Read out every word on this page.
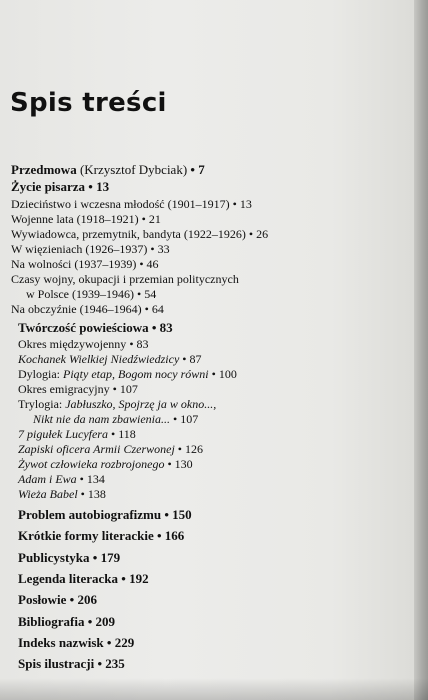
Spis treści
Przedmowa (Krzysztof Dybciak) • 7
Życie pisarza • 13
Dzieciństwo i wczesna młodość (1901–1917) • 13
Wojenne lata (1918–1921) • 21
Wywiadowca, przemytnik, bandyta (1922–1926) • 26
W więzieniach (1926–1937) • 33
Na wolności (1937–1939) • 46
Czasy wojny, okupacji i przemian politycznych
w Polsce (1939–1946) • 54
Na obczyźnie (1946–1964) • 64
Twórczość powieściowa • 83
Okres międzywojenny • 83
Kochanek Wielkiej Niedźwiedzicy • 87
Dylogia: Piąty etap, Bogom nocy równi • 100
Okres emigracyjny • 107
Trylogia: Jabłuszko, Spojrzę ja w okno...,
Nikt nie da nam zbawienia... • 107
7 pigułek Lucyfera • 118
Zapiski oficera Armii Czerwonej • 126
Żywot człowieka rozbrojonego • 130
Adam i Ewa • 134
Wieża Babel • 138
Problem autobiografizmu • 150
Krótkie formy literackie • 166
Publicystyka • 179
Legenda literacka • 192
Posłowie • 206
Bibliografia • 209
Indeks nazwisk • 229
Spis ilustracji • 235
